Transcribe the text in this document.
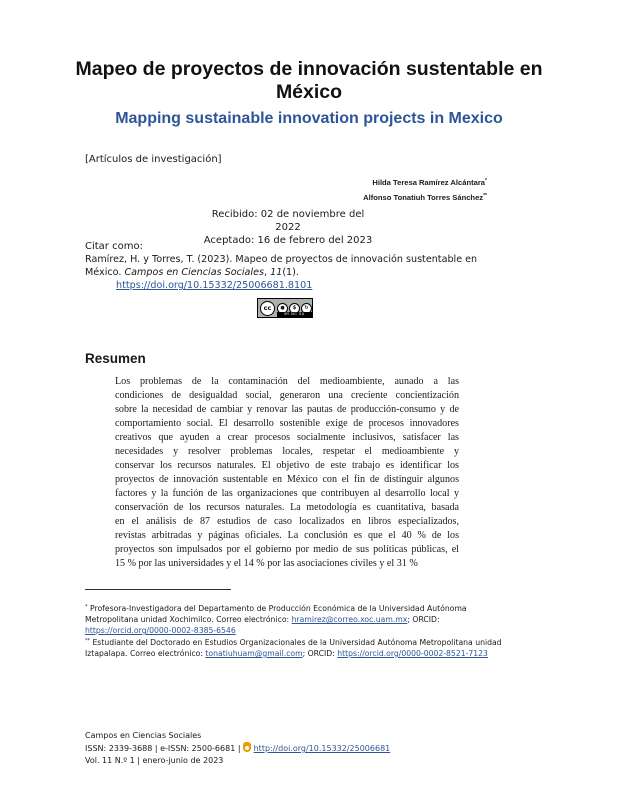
Mapeo de proyectos de innovación sustentable en México
Mapping sustainable innovation projects in Mexico
[Artículos de investigación]
Hilda Teresa Ramírez Alcántara*
Alfonso Tonatiuh Torres Sánchez**
Recibido: 02 de noviembre del 2022
Aceptado: 16 de febrero del 2023
Citar como:
Ramírez, H. y Torres, T. (2023). Mapeo de proyectos de innovación sustentable en México. Campos en Ciencias Sociales, 11(1).
https://doi.org/10.15332/25006681.8101
cc	●	$	↻
BY NC SA
Resumen
Los problemas de la contaminación del medioambiente, aunado a las
condiciones de desigualdad social, generaron una creciente concientización
sobre la necesidad de cambiar y renovar las pautas de producción-consumo y de
comportamiento social. El desarrollo sostenible exige de procesos innovadores
creativos que ayuden a crear procesos socialmente inclusivos, satisfacer las
necesidades y resolver problemas locales, respetar el medioambiente y
conservar los recursos naturales. El objetivo de este trabajo es identificar los
proyectos de innovación sustentable en México con el fin de distinguir algunos
factores y la función de las organizaciones que contribuyen al desarrollo local y
conservación de los recursos naturales. La metodología es cuantitativa, basada
en el análisis de 87 estudios de caso localizados en libros especializados,
revistas arbitradas y páginas oficiales. La conclusión es que el 40 % de los
proyectos son impulsados por el gobierno por medio de sus políticas públicas, el
15 % por las universidades y el 14 % por las asociaciones civiles y el 31 %
* Profesora-Investigadora del Departamento de Producción Económica de la Universidad Autónoma Metropolitana unidad Xochimilco. Correo electrónico: hramirez@correo.xoc.uam.mx; ORCID: https://orcid.org/0000-0002-8385-6546
** Estudiante del Doctorado en Estudios Organizacionales de la Universidad Autónoma Metropolitana unidad Iztapalapa. Correo electrónico: tonatiuhuam@gmail.com; ORCID: https://orcid.org/0000-0002-8521-7123
Campos en Ciencias Sociales
ISSN: 2339-3688 | e-ISSN: 2500-6681 | http://doi.org/10.15332/25006681
Vol. 11 N.º 1 | enero-junio de 2023
